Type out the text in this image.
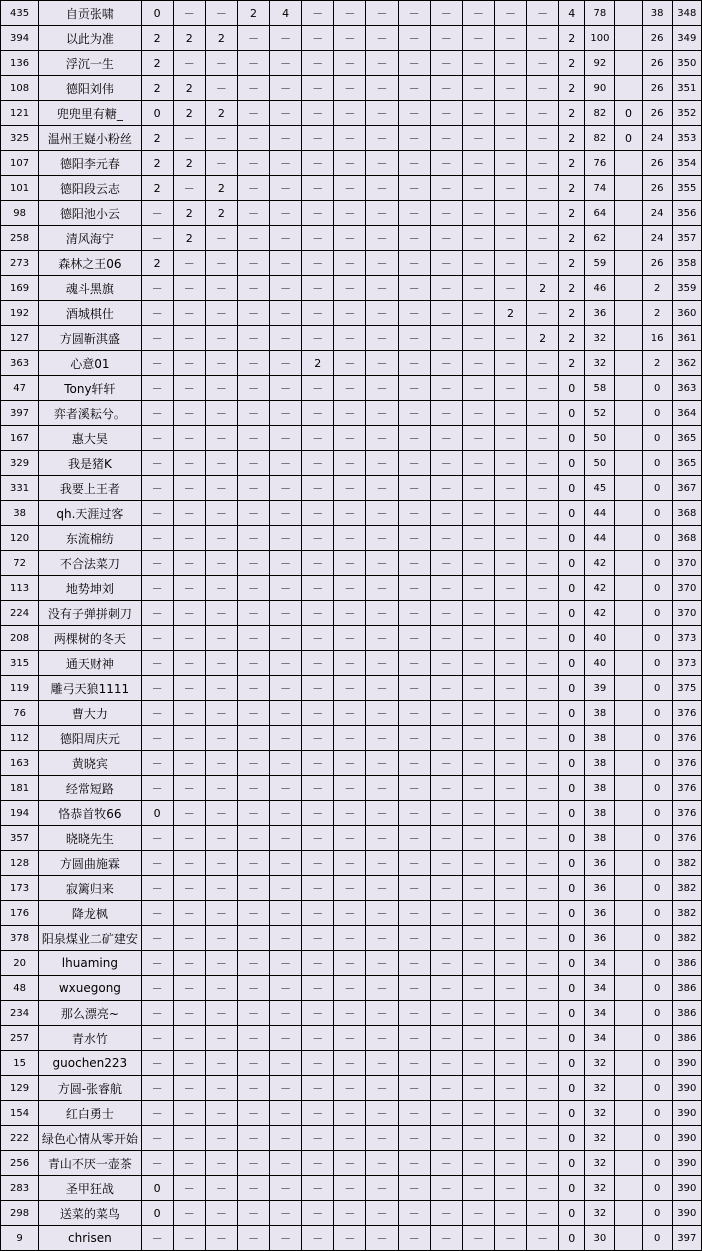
435	自贡张啸	0	－	－	2	4	－	－	－	－	－	－	－	－	4	78		38	348
394	以此为准	2	2	2	－	－	－	－	－	－	－	－	－	－	2	100		26	349
136	浮沉一生	2	－	－	－	－	－	－	－	－	－	－	－	－	2	92		26	350
108	德阳刘伟	2	2	－	－	－	－	－	－	－	－	－	－	－	2	90		26	351
121	兜兜里有糖_	0	2	2	－	－	－	－	－	－	－	－	－	－	2	82	0	26	352
325	温州王嶷小粉丝	2	－	－	－	－	－	－	－	－	－	－	－	－	2	82	0	24	353
107	德阳李元春	2	2	－	－	－	－	－	－	－	－	－	－	－	2	76		26	354
101	德阳段云志	2	－	2	－	－	－	－	－	－	－	－	－	－	2	74		26	355
98	德阳池小云	－	2	2	－	－	－	－	－	－	－	－	－	－	2	64		24	356
258	清风海宁	－	2	－	－	－	－	－	－	－	－	－	－	－	2	62		24	357
273	森林之王06	2	－	－	－	－	－	－	－	－	－	－	－	－	2	59		26	358
169	魂斗黑旗	－	－	－	－	－	－	－	－	－	－	－	－	2	2	46		2	359
192	酒城棋仕	－	－	－	－	－	－	－	－	－	－	－	2	－	2	36		2	360
127	方圆靳淇盛	－	－	－	－	－	－	－	－	－	－	－	－	2	2	32		16	361
363	心意01	－	－	－	－	－	2	－	－	－	－	－	－	－	2	32		2	362
47	Tony轩轩	－	－	－	－	－	－	－	－	－	－	－	－	－	0	58		0	363
397	弈者溪耘兮。	－	－	－	－	－	－	－	－	－	－	－	－	－	0	52		0	364
167	惠大昊	－	－	－	－	－	－	－	－	－	－	－	－	－	0	50		0	365
329	我是猪K	－	－	－	－	－	－	－	－	－	－	－	－	－	0	50		0	365
331	我要上王者	－	－	－	－	－	－	－	－	－	－	－	－	－	0	45		0	367
38	qh.天涯过客	－	－	－	－	－	－	－	－	－	－	－	－	－	0	44		0	368
120	东流棉纺	－	－	－	－	－	－	－	－	－	－	－	－	－	0	44		0	368
72	不合法菜刀	－	－	－	－	－	－	－	－	－	－	－	－	－	0	42		0	370
113	地势坤刘	－	－	－	－	－	－	－	－	－	－	－	－	－	0	42		0	370
224	没有子弹拼刺刀	－	－	－	－	－	－	－	－	－	－	－	－	－	0	42		0	370
208	两棵树的冬天	－	－	－	－	－	－	－	－	－	－	－	－	－	0	40		0	373
315	通天财神	－	－	－	－	－	－	－	－	－	－	－	－	－	0	40		0	373
119	雕弓天狼1111	－	－	－	－	－	－	－	－	－	－	－	－	－	0	39		0	375
76	曹大力	－	－	－	－	－	－	－	－	－	－	－	－	－	0	38		0	376
112	德阳周庆元	－	－	－	－	－	－	－	－	－	－	－	－	－	0	38		0	376
163	黄晓宾	－	－	－	－	－	－	－	－	－	－	－	－	－	0	38		0	376
181	经常短路	－	－	－	－	－	－	－	－	－	－	－	－	－	0	38		0	376
194	恪恭首牧66	0	－	－	－	－	－	－	－	－	－	－	－	－	0	38		0	376
357	晓晓先生	－	－	－	－	－	－	－	－	－	－	－	－	－	0	38		0	376
128	方圆曲施霖	－	－	－	－	－	－	－	－	－	－	－	－	－	0	36		0	382
173	寂篱归来	－	－	－	－	－	－	－	－	－	－	－	－	－	0	36		0	382
176	降龙枫	－	－	－	－	－	－	－	－	－	－	－	－	－	0	36		0	382
378	阳泉煤业二矿建安	－	－	－	－	－	－	－	－	－	－	－	－	－	0	36		0	382
20	lhuaming	－	－	－	－	－	－	－	－	－	－	－	－	－	0	34		0	386
48	wxuegong	－	－	－	－	－	－	－	－	－	－	－	－	－	0	34		0	386
234	那么漂亮~	－	－	－	－	－	－	－	－	－	－	－	－	－	0	34		0	386
257	青水竹	－	－	－	－	－	－	－	－	－	－	－	－	－	0	34		0	386
15	guochen223	－	－	－	－	－	－	－	－	－	－	－	－	－	0	32		0	390
129	方圆-张睿航	－	－	－	－	－	－	－	－	－	－	－	－	－	0	32		0	390
154	红白勇士	－	－	－	－	－	－	－	－	－	－	－	－	－	0	32		0	390
222	绿色心情从零开始	－	－	－	－	－	－	－	－	－	－	－	－	－	0	32		0	390
256	青山不厌一壶茶	－	－	－	－	－	－	－	－	－	－	－	－	－	0	32		0	390
283	圣甲狂战	0	－	－	－	－	－	－	－	－	－	－	－	－	0	32		0	390
298	送菜的菜鸟	0	－	－	－	－	－	－	－	－	－	－	－	－	0	32		0	390
9	chrisen	－	－	－	－	－	－	－	－	－	－	－	－	－	0	30		0	397
